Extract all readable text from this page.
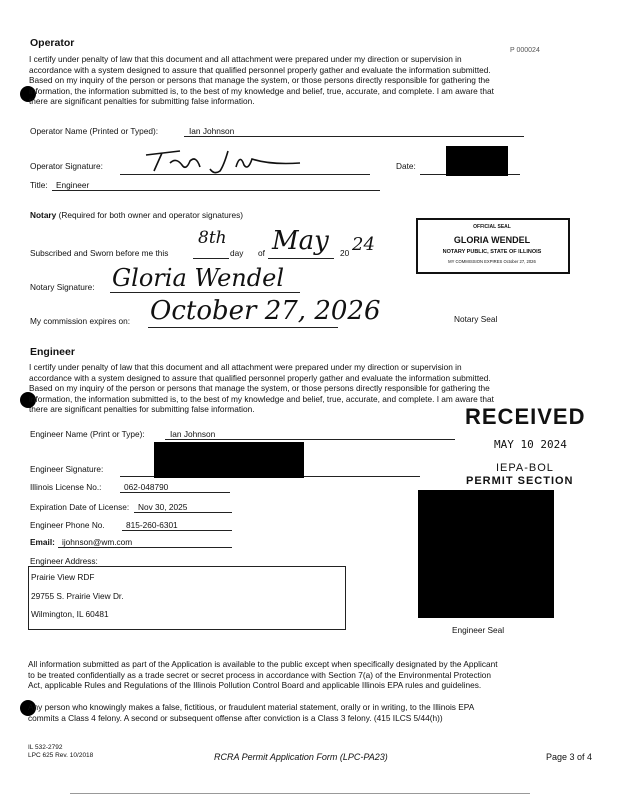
Operator
P 000024
I certify under penalty of law that this document and all attachment were prepared under my direction or supervision in
accordance with a system designed to assure that qualified personnel properly gather and evaluate the information submitted.
Based on my inquiry of the person or persons that manage the system, or those persons directly responsible for gathering the
information, the information submitted is, to the best of my knowledge and belief, true, accurate, and complete. I am aware that
there are significant penalties for submitting false information.
Operator Name (Printed or Typed):	Ian Johnson
Operator Signature:	Date:
Title: Engineer
Notary (Required for both owner and operator signatures)
Subscribed and Sworn before me this
8th
day of May 20 24
Notary Signature: Gloria Wendel
My commission expires on: October 27, 2026
OFFICIAL SEAL
GLORIA WENDEL
NOTARY PUBLIC, STATE OF ILLINOIS
MY COMMISSION EXPIRES October 27, 2026
Notary Seal
Engineer
I certify under penalty of law that this document and all attachment were prepared under my direction or supervision in
accordance with a system designed to assure that qualified personnel properly gather and evaluate the information submitted.
Based on my inquiry of the person or persons that manage the system, or those persons directly responsible for gathering the
information, the information submitted is, to the best of my knowledge and belief, true, accurate, and complete. I am aware that
there are significant penalties for submitting false information.
Engineer Name (Print or Type):	Ian Johnson
Engineer Signature:
Illinois License No.:	062-048790
Expiration Date of License: Nov 30, 2025
Engineer Phone No.	815-260-6301
Email: ijohnson@wm.com
Engineer Address:
Prairie View RDF
29755 S. Prairie View Dr.
Wilmington, IL 60481
RECEIVED
MAY 10 2024
IEPA-BOL
PERMIT SECTION
Engineer Seal
All information submitted as part of the Application is available to the public except when specifically designated by the Applicant
to be treated confidentially as a trade secret or secret process in accordance with Section 7(a) of the Environmental Protection
Act, applicable Rules and Regulations of the Illinois Pollution Control Board and applicable Illinois EPA rules and guidelines.
Any person who knowingly makes a false, fictitious, or fraudulent material statement, orally or in writing, to the Illinois EPA
commits a Class 4 felony. A second or subsequent offense after conviction is a Class 3 felony. (415 ILCS 5/44(h))
IL 532-2792
LPC 625 Rev. 10/2018	RCRA Permit Application Form (LPC-PA23)	Page 3 of 4
